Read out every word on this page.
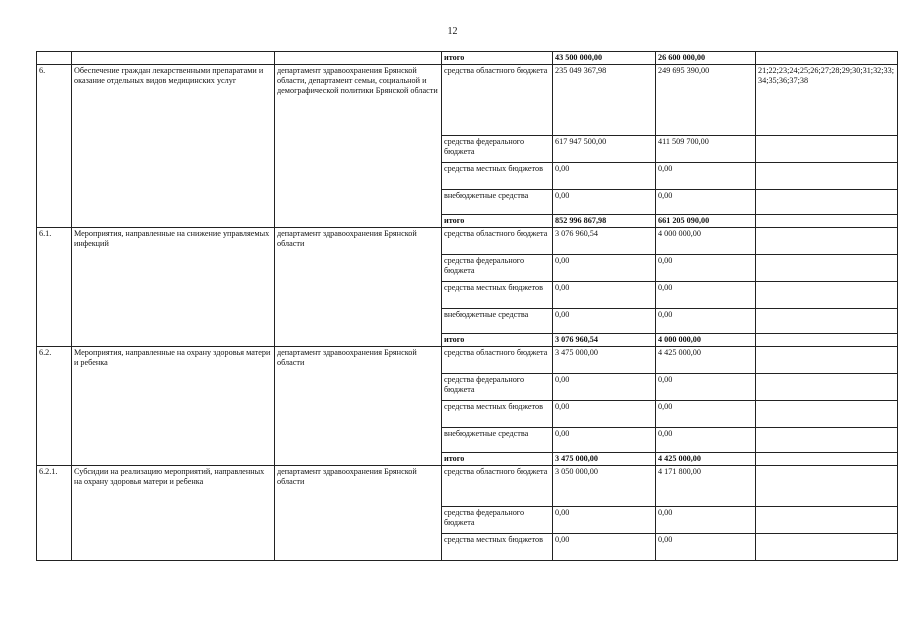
12
			итого	43 500 000,00	26 600 000,00	
6.	Обеспечение граждан лекарственными препаратами и оказание отдельных видов медицинских услуг	департамент здравоохранения Брянской области, департамент семьи, социальной и демографической политики Брянской области	средства областного бюджета	235 049 367,98	249 695 390,00	21;22;23;24;25;26;27;28;29;30;31;32;33;34;35;36;37;38
			средства федерального бюджета	617 947 500,00	411 509 700,00	
			средства местных бюджетов	0,00	0,00	
			внебюджетные средства	0,00	0,00	
			итого	852 996 867,98	661 205 090,00	
6.1.	Мероприятия, направленные на снижение управляемых инфекций	департамент здравоохранения Брянской области	средства областного бюджета	3 076 960,54	4 000 000,00	
			средства федерального бюджета	0,00	0,00	
			средства местных бюджетов	0,00	0,00	
			внебюджетные средства	0,00	0,00	
			итого	3 076 960,54	4 000 000,00	
6.2.	Мероприятия, направленные на охрану здоровья матери и ребенка	департамент здравоохранения Брянской области	средства областного бюджета	3 475 000,00	4 425 000,00	
			средства федерального бюджета	0,00	0,00	
			средства местных бюджетов	0,00	0,00	
			внебюджетные средства	0,00	0,00	
			итого	3 475 000,00	4 425 000,00	
6.2.1.	Субсидии на реализацию мероприятий, направленных на охрану здоровья матери и ребенка	департамент здравоохранения Брянской области	средства областного бюджета	3 050 000,00	4 171 800,00	
			средства федерального бюджета	0,00	0,00	
			средства местных бюджетов	0,00	0,00	
